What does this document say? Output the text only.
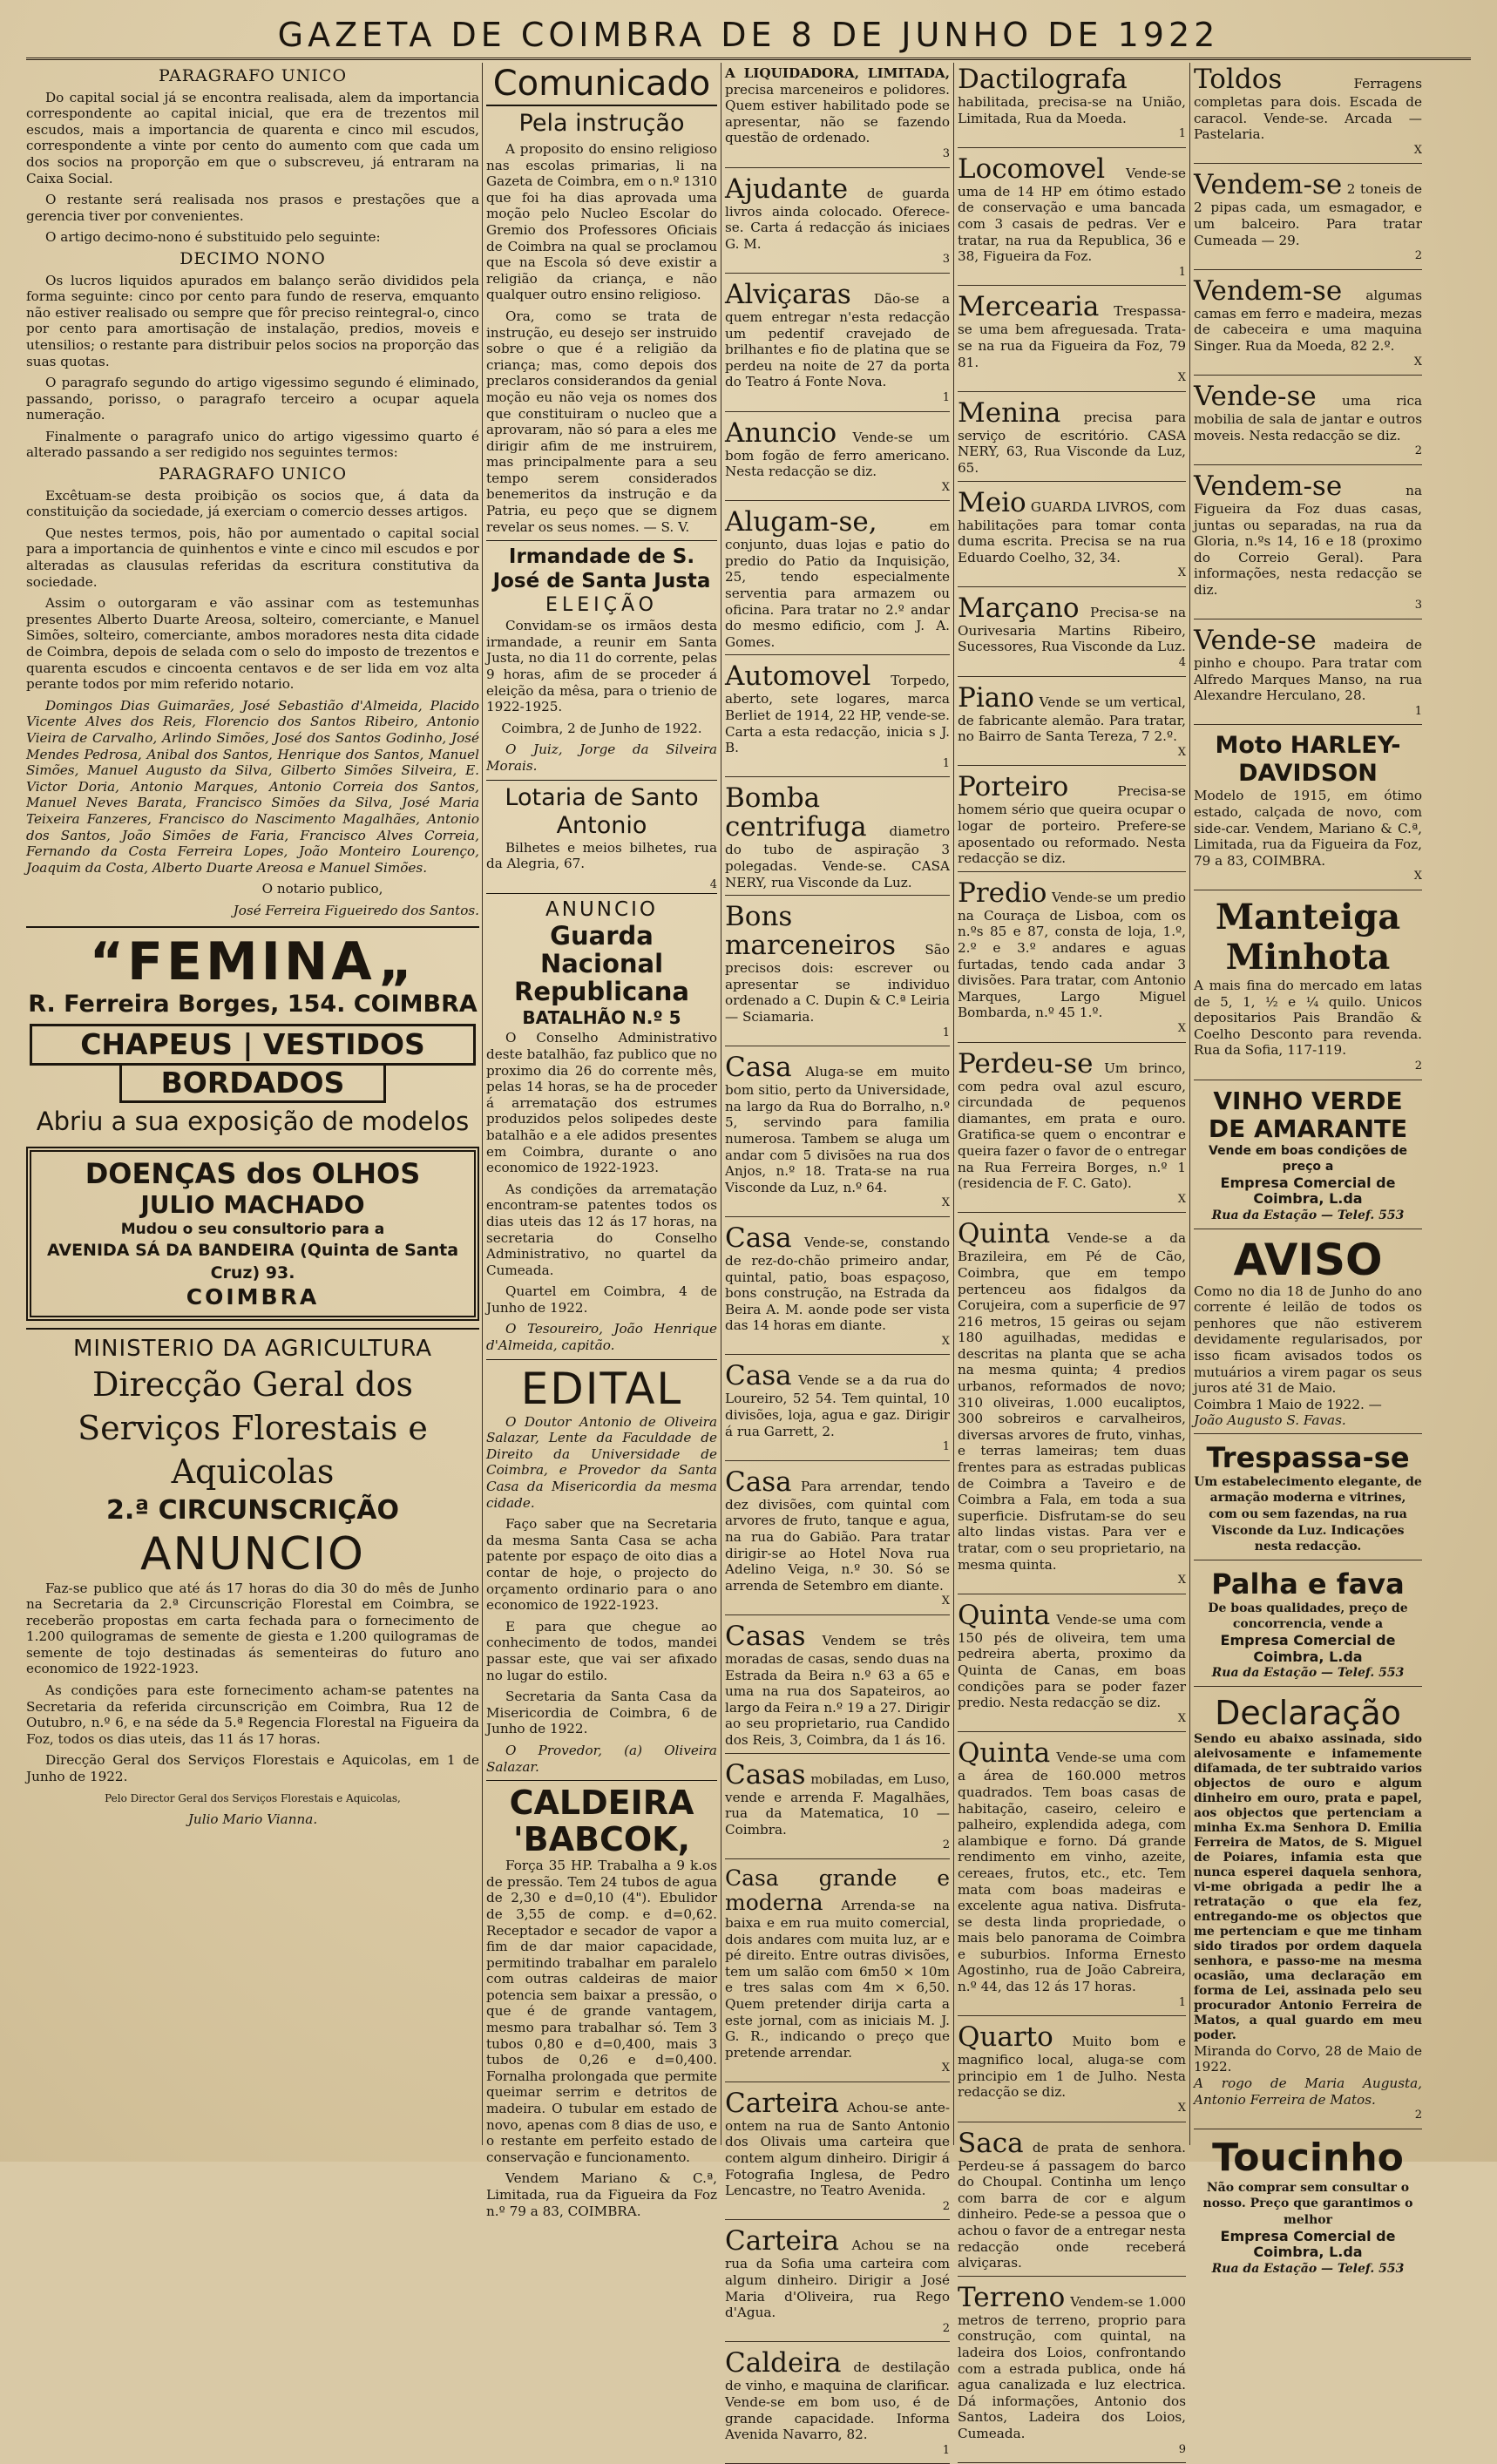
GAZETA DE COIMBRA DE 8 DE JUNHO DE 1922
PARAGRAFO UNICO

Do capital social já se encontra realisada, alem da importancia correspondente ao capital inicial, que era de trezentos mil escudos, mais a importancia de quarenta e cinco mil escudos, correspondente a vinte por cento do aumento com que cada um dos socios na proporção em que o subscreveu, já entraram na Caixa Social.

O restante será realisada nos prasos e prestações que a gerencia tiver por convenientes.

O artigo decimo-nono é substituido pelo seguinte:

DECIMO NONO

Os lucros liquidos apurados em balanço serão divididos pela forma seguinte: cinco por cento para fundo de reserva, emquanto não estiver realisado ou sempre que fôr preciso reintegral-o, cinco por cento para amortisação de instalação, predios, moveis e utensilios; o restante para distribuir pelos socios na proporção das suas quotas.

O paragrafo segundo do artigo vigessimo segundo é eliminado, passando, porisso, o paragrafo terceiro a ocupar aquela numeração.

Finalmente o paragrafo unico do artigo vigessimo quarto é alterado passando a ser redigido nos seguintes termos:

PARAGRAFO UNICO

Excêtuam-se desta proibição os socios que, á data da constituição da sociedade, já exerciam o comercio desses artigos.

Que nestes termos, pois, hão por aumentado o capital social para a importancia de quinhentos e vinte e cinco mil escudos e por alteradas as clausulas referidas da escritura constitutiva da sociedade.

Assim o outorgaram e vão assinar com as testemunhas presentes Alberto Duarte Areosa, solteiro, comerciante, e Manuel Simões, solteiro, comerciante, ambos moradores nesta dita cidade de Coimbra, depois de selada com o selo do imposto de trezentos e quarenta escudos e cincoenta centavos e de ser lida em voz alta perante todos por mim referido notario.

Domingos Dias Guimarães, José Sebastião d'Almeida, Placido Vicente Alves dos Reis, Florencio dos Santos Ribeiro, Antonio Vieira de Carvalho, Arlindo Simões, José dos Santos Godinho, José Mendes Pedrosa, Anibal dos Santos, Henrique dos Santos, Manuel Simões, Manuel Augusto da Silva, Gilberto Simões Silveira, E. Victor Doria, Antonio Marques, Antonio Correia dos Santos, Manuel Neves Barata, Francisco Simões da Silva, José Maria Teixeira Fanzeres, Francisco do Nascimento Magalhães, Antonio dos Santos, João Simões de Faria, Francisco Alves Correia, Fernando da Costa Ferreira Lopes, João Monteiro Lourenço, Joaquim da Costa, Alberto Duarte Areosa e Manuel Simões.

O notario publico,

José Ferreira Figueiredo dos Santos.

“FEMINA„
R. Ferreira Borges, 154. COIMBRA
CHAPEUS | VESTIDOS
BORDADOS
Abriu a sua exposição de modelos
DOENÇAS dos OLHOS
JULIO MACHADO
Mudou o seu consultorio para a
AVENIDA SÁ DA BANDEIRA (Quinta de Santa Cruz) 93.
COIMBRA
MINISTERIO DA AGRICULTURA
Direcção Geral dos Serviços Florestais e Aquicolas
2.ª CIRCUNSCRIÇÃO
ANUNCIO

Faz-se publico que até ás 17 horas do dia 30 do mês de Junho na Secretaria da 2.ª Circunscrição Florestal em Coimbra, se receberão propostas em carta fechada para o fornecimento de 1.200 quilogramas de semente de giesta e 1.200 quilogramas de semente de tojo destinadas ás sementeiras do futuro ano economico de 1922-1923.

As condições para este fornecimento acham-se patentes na Secretaria da referida circunscrição em Coimbra, Rua 12 de Outubro, n.º 6, e na séde da 5.ª Regencia Florestal na Figueira da Foz, todos os dias uteis, das 11 ás 17 horas.

Direcção Geral dos Serviços Florestais e Aquicolas, em 1 de Junho de 1922.

Pelo Director Geral dos Serviços Florestais e Aquicolas,

Julio Mario Vianna.

Comunicado
Pela instrução

A proposito do ensino religioso nas escolas primarias, li na Gazeta de Coimbra, em o n.º 1310 que foi ha dias aprovada uma moção pelo Nucleo Escolar do Gremio dos Professores Oficiais de Coimbra na qual se proclamou que na Escola só deve existir a religião da criança, e não qualquer outro ensino religioso.

Ora, como se trata de instrução, eu desejo ser instruido sobre o que é a religião da criança; mas, como depois dos preclaros considerandos da genial moção eu não veja os nomes dos que constituiram o nucleo que a aprovaram, não só para a eles me dirigir afim de me instruirem, mas principalmente para a seu tempo serem considerados benemeritos da instrução e da Patria, eu peço que se dignem revelar os seus nomes. — S. V.

Irmandade de S. José de Santa Justa
ELEIÇÃO

Convidam-se os irmãos desta irmandade, a reunir em Santa Justa, no dia 11 do corrente, pelas 9 horas, afim de se proceder á eleição da mêsa, para o trienio de 1922-1925.

Coimbra, 2 de Junho de 1922.

O Juiz, Jorge da Silveira Morais.

Lotaria de Santo Antonio

Bilhetes e meios bilhetes, rua da Alegria, 67.

4
ANUNCIO
Guarda Nacional Republicana
BATALHÃO N.º 5

O Conselho Administrativo deste batalhão, faz publico que no proximo dia 26 do corrente mês, pelas 14 horas, se ha de proceder á arrematação dos estrumes produzidos pelos solipedes deste batalhão e a ele adidos presentes em Coimbra, durante o ano economico de 1922-1923.

As condições da arrematação encontram-se patentes todos os dias uteis das 12 ás 17 horas, na secretaria do Conselho Administrativo, no quartel da Cumeada.

Quartel em Coimbra, 4 de Junho de 1922.

O Tesoureiro, João Henrique d'Almeida, capitão.

EDITAL

O Doutor Antonio de Oliveira Salazar, Lente da Faculdade de Direito da Universidade de Coimbra, e Provedor da Santa Casa da Misericordia da mesma cidade.

Faço saber que na Secretaria da mesma Santa Casa se acha patente por espaço de oito dias a contar de hoje, o projecto do orçamento ordinario para o ano economico de 1922-1923.

E para que chegue ao conhecimento de todos, mandei passar este, que vai ser afixado no lugar do estilo.

Secretaria da Santa Casa da Misericordia de Coimbra, 6 de Junho de 1922.

O Provedor, (a) Oliveira Salazar.

CALDEIRA
'BABCOK,

Força 35 HP. Trabalha a 9 k.os de pressão. Tem 24 tubos de agua de 2,30 e d=0,10 (4"). Ebulidor de 3,55 de comp. e d=0,62. Receptador e secador de vapor a fim de dar maior capacidade, permitindo trabalhar em paralelo com outras caldeiras de maior potencia sem baixar a pressão, o que é de grande vantagem, mesmo para trabalhar só. Tem 3 tubos 0,80 e d=0,400, mais 3 tubos de 0,26 e d=0,400. Fornalha prolongada que permite queimar serrim e detritos de madeira. O tubular em estado de novo, apenas com 8 dias de uso, e o restante em perfeito estado de conservação e funcionamento.

Vendem Mariano & C.ª, Limitada, rua da Figueira da Foz n.º 79 a 83, COIMBRA.

A LIQUIDADORA, LIMITADA, precisa marceneiros e polidores. Quem estiver habilitado pode se apresentar, não se fazendo questão de ordenado.

3

Ajudante de guarda livros ainda colocado. Oferece-se. Carta á redacção ás iniciaes G. M.

3

Alviçaras Dão-se a quem entregar n'esta redacção um pedentif cravejado de brilhantes e fio de platina que se perdeu na noite de 27 da porta do Teatro á Fonte Nova.

1

Anuncio Vende-se um bom fogão de ferro americano. Nesta redacção se diz.

X

Alugam-se,	em conjunto, duas lojas e patio do predio do Patio da Inquisição, 25, tendo especialmente serventia para armazem ou oficina. Para tratar no 2.º andar do mesmo edificio, com J. A. Gomes.

Automovel Torpedo, aberto, sete logares, marca Berliet de 1914, 22 HP, vende-se. Carta a esta redacção, inicia s J. B.

1

Bomba centrifuga diametro do tubo de aspiração 3 polegadas. Vende-se. CASA NERY, rua Visconde da Luz.

Bons marceneiros São precisos dois: escrever ou apresentar se individuo ordenado a C. Dupin & C.ª Leiria — Sciamaria.

1

Casa Aluga-se em muito bom sitio, perto da Universidade, na largo da Rua do Borralho, n.º 5, servindo para familia numerosa. Tambem se aluga um andar com 5 divisões na rua dos Anjos, n.º 18. Trata-se na rua Visconde da Luz, n.º 64.

X

Casa Vende-se, constando de rez-do-chão primeiro andar, quintal, patio, boas espaçoso, bons construção, na Estrada da Beira A. M. aonde pode ser vista das 14 horas em diante.

X

Casa Vende se a da rua do Loureiro, 52 54. Tem quintal, 10 divisões, loja, agua e gaz. Dirigir á rua Garrett, 2.

1

Casa Para arrendar, tendo dez divisões, com quintal com arvores de fruto, tanque e agua, na rua do Gabião. Para tratar dirigir-se ao Hotel Nova rua Adelino Veiga, n.º 30. Só se arrenda de Setembro em diante.

X

Casas Vendem se três moradas de casas, sendo duas na Estrada da Beira n.º 63 a 65 e uma na rua dos Sapateiros, ao largo da Feira n.º 19 a 27. Dirigir ao seu proprietario, rua Candido dos Reis, 3, Coimbra, da 1 ás 16.

Casas mobiladas, em Luso, vende e arrenda F. Magalhães, rua da Matematica, 10 — Coimbra.

2

Casa grande e moderna Arrenda-se na baixa e em rua muito comercial, dois andares com muita luz, ar e pé direito. Entre outras divisões, tem um salão com 6m50 × 10m e tres salas com 4m × 6,50. Quem pretender dirija carta a este jornal, com as iniciais M. J. G. R., indicando o preço que pretende arrendar.

X

Carteira Achou-se ante-ontem na rua de Santo Antonio dos Olivais uma carteira que contem algum dinheiro. Dirigir á Fotografia Inglesa, de Pedro Lencastre, no Teatro Avenida.

2

Carteira Achou se na rua da Sofia uma carteira com algum dinheiro. Dirigir a José Maria d'Oliveira, rua Rego d'Agua.

2

Caldeira de destilação de vinho, e maquina de clarificar. Vende-se em bom uso, é de grande capacidade. Informa Avenida Navarro, 82.

1

Dactilografa habilitada, precisa-se na União, Limitada, Rua da Moeda.

1

Locomovel Vende-se uma de 14 HP em ótimo estado de conservação e uma bancada com 3 casais de pedras. Ver e tratar, na rua da Republica, 36 e 38, Figueira da Foz.

1

Mercearia Trespassa-se uma bem afreguesada. Trata-se na rua da Figueira da Foz, 79 81.

X

Menina precisa para serviço de escritório. CASA NERY, 63, Rua Visconde da Luz, 65.

Meio GUARDA LIVROS, com habilitações para tomar conta duma escrita. Precisa se na rua Eduardo Coelho, 32, 34.

X

Marçano Precisa-se na Ourivesaria Martins Ribeiro, Sucessores, Rua Visconde da Luz.

4

Piano Vende se um vertical, de fabricante alemão. Para tratar, no Bairro de Santa Tereza, 7 2.º.

X

Porteiro	Precisa-se homem sério que queira ocupar o logar de porteiro. Prefere-se aposentado ou reformado. Nesta redacção se diz.

Predio Vende-se um predio na Couraça de Lisboa, com os n.ºs 85 e 87, consta de loja, 1.º, 2.º e 3.º andares e aguas furtadas, tendo cada andar 3 divisões. Para tratar, com Antonio Marques, Largo Miguel Bombarda, n.º 45 1.º.

X

Perdeu-se Um brinco, com pedra oval azul escuro, circundada de pequenos diamantes, em prata e ouro. Gratifica-se quem o encontrar e queira fazer o favor de o entregar na Rua Ferreira Borges, n.º 1 (residencia de F. C. Gato).

X

Quinta Vende-se a da Brazileira, em Pé de Cão, Coimbra, que em tempo pertenceu aos fidalgos da Corujeira, com a superficie de 97 216 metros, 15 geiras ou sejam 180 aguilhadas, medidas e descritas na planta que se acha na mesma quinta; 4 predios urbanos, reformados de novo; 310 oliveiras, 1.000 eucaliptos, 300 sobreiros e carvalheiros, diversas arvores de fruto, vinhas, e terras lameiras; tem duas frentes para as estradas publicas de Coimbra a Taveiro e de Coimbra a Fala, em toda a sua superficie. Disfrutam-se do seu alto lindas vistas. Para ver e tratar, com o seu proprietario, na mesma quinta.

X

Quinta Vende-se uma com 150 pés de oliveira, tem uma pedreira aberta, proximo da Quinta de Canas, em boas condições para se poder fazer predio. Nesta redacção se diz.

X

Quinta Vende-se uma com a área de 160.000 metros quadrados. Tem boas casas de habitação, caseiro, celeiro e palheiro, explendida adega, com alambique e forno. Dá grande rendimento em vinho, azeite, cereaes, frutos, etc., etc. Tem mata com boas madeiras e excelente agua nativa. Disfruta-se desta linda propriedade, o mais belo panorama de Coimbra e suburbios. Informa Ernesto Agostinho, rua de João Cabreira, n.º 44, das 12 ás 17 horas.

1

Quarto Muito bom e magnifico local, aluga-se com principio em 1 de Julho. Nesta redacção se diz.

X

Saca de prata de senhora. Perdeu-se á passagem do barco do Choupal. Continha um lenço com barra de cor e algum dinheiro. Pede-se a pessoa que o achou o favor de a entregar nesta redacção onde receberá alviçaras.

Terreno Vendem-se 1.000 metros de terreno, proprio para construção, com quintal, na ladeira dos Loios, confrontando com a estrada publica, onde há agua canalizada e luz electrica. Dá informações, Antonio dos Santos, Ladeira dos Loios, Cumeada.

9

Toldos	Ferragens completas para dois. Escada de caracol. Vende-se. Arcada — Pastelaria.

X

Vendem-se 2 toneis de 2 pipas cada, um esmagador, e um balceiro. Para tratar Cumeada — 29.

2

Vendem-se algumas camas em ferro e madeira, mezas de cabeceira e uma maquina Singer. Rua da Moeda, 82 2.º.

X

Vende-se uma rica mobilia de sala de jantar e outros moveis. Nesta redacção se diz.

2

Vendem-se	na Figueira da Foz duas casas, juntas ou separadas, na rua da Gloria, n.ºs 14, 16 e 18 (proximo do Correio Geral). Para informações, nesta redacção se diz.

3

Vende-se madeira de pinho e choupo. Para tratar com Alfredo Marques Manso, na rua Alexandre Herculano, 28.

1
Moto HARLEY-DAVIDSON

Modelo de 1915, em ótimo estado, calçada de novo, com side-car. Vendem, Mariano & C.ª, Limitada, rua da Figueira da Foz, 79 a 83, COIMBRA.

X
Manteiga Minhota

A mais fina do mercado em latas de 5, 1, ½ e ¼ quilo. Unicos depositarios Pais Brandão & Coelho Desconto para revenda. Rua da Sofia, 117-119.

2
VINHO VERDE DE AMARANTE

Vende em boas condições de preço a

Empresa Comercial de Coimbra, L.da

Rua da Estação — Telef. 553

AVISO

Como no dia 18 de Junho do ano corrente é leilão de todos os penhores que não estiverem devidamente regularisados, por isso ficam avisados todos os mutuários a virem pagar os seus juros até 31 de Maio.

Coimbra 1 Maio de 1922. —

João Augusto S. Favas.

Trespassa-se

Um estabelecimento elegante, de armação moderna e vitrines, com ou sem fazendas, na rua Visconde da Luz. Indicações nesta redacção.

Palha e fava

De boas qualidades, preço de concorrencia, vende a

Empresa Comercial de Coimbra, L.da

Rua da Estação — Telef. 553

Declaração

Sendo eu abaixo assinada, sido aleivosamente e infamemente difamada, de ter subtraido varios objectos de ouro e algum dinheiro em ouro, prata e papel, aos objectos que pertenciam a minha Ex.ma Senhora D. Emilia Ferreira de Matos, de S. Miguel de Poiares, infamia esta que nunca esperei daquela senhora, vi-me obrigada a pedir lhe a retratação o que ela fez, entregando-me os objectos que me pertenciam e que me tinham sido tirados por ordem daquela senhora, e passo-me na mesma ocasião, uma declaração em forma de Lei, assinada pelo seu procurador Antonio Ferreira de Matos, a qual guardo em meu poder.

Miranda do Corvo, 28 de Maio de 1922.

A rogo de Maria Augusta, Antonio Ferreira de Matos.

2
Toucinho

Não comprar sem consultar o nosso. Preço que garantimos o melhor

Empresa Comercial de Coimbra, L.da

Rua da Estação — Telef. 553
